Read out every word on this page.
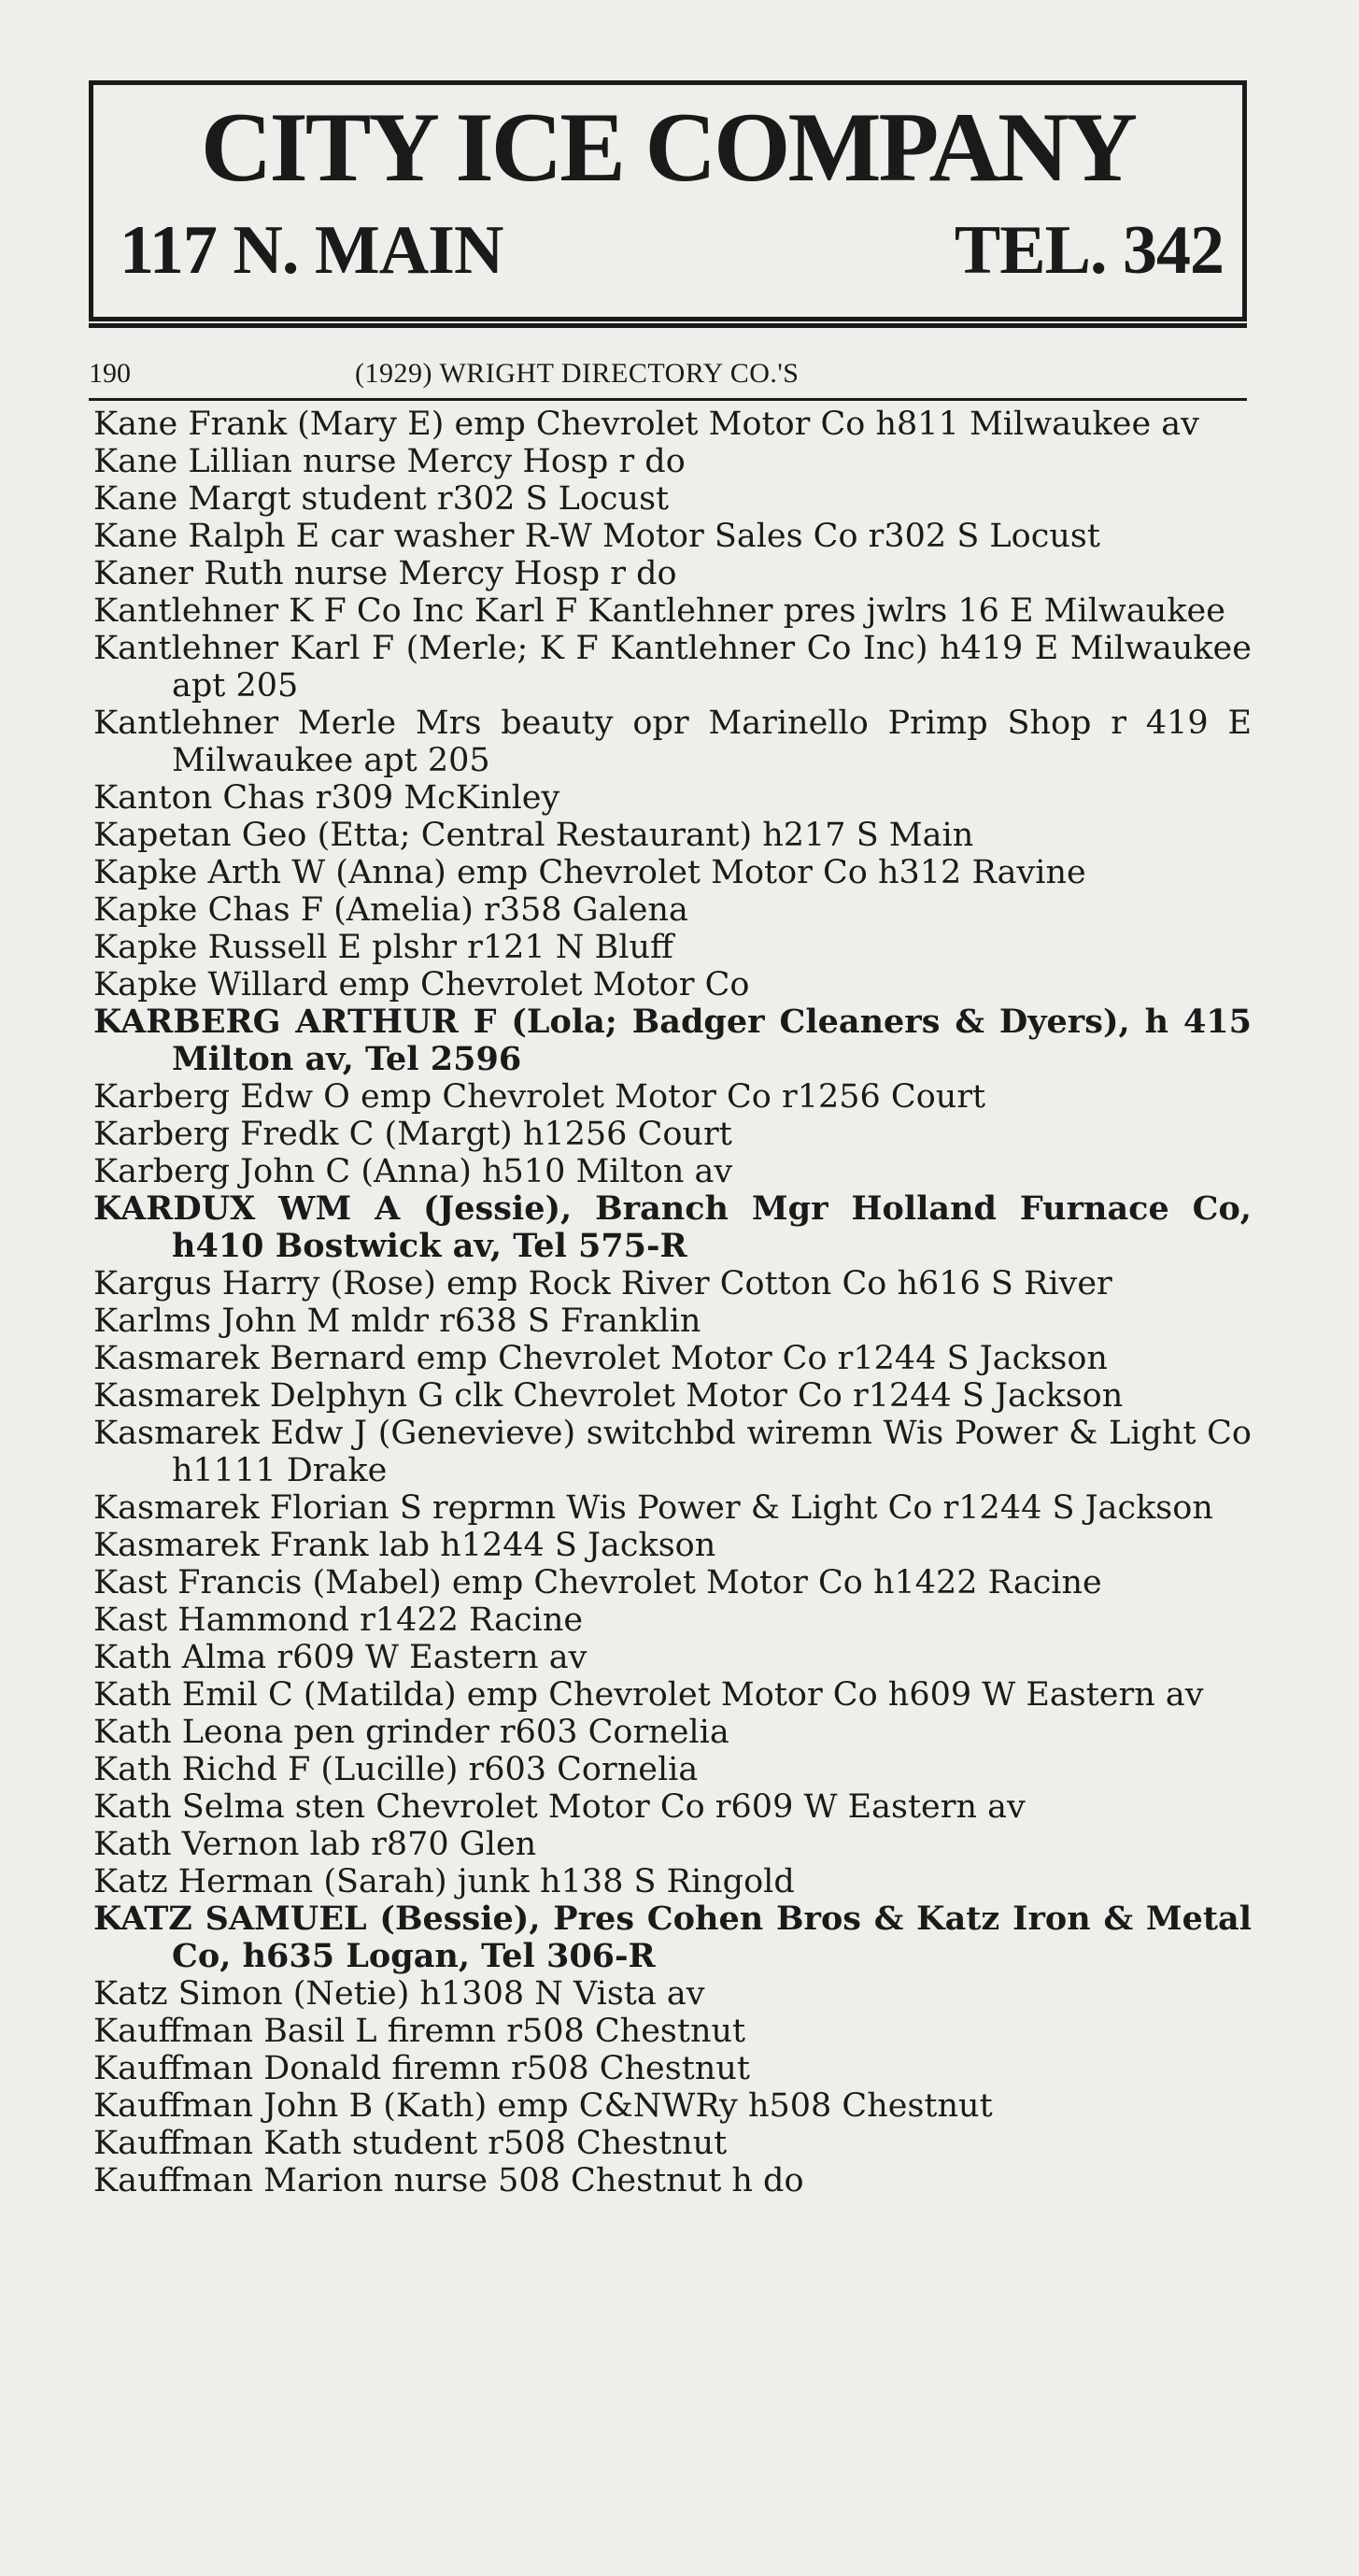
CITY ICE COMPANY
117 N. MAIN	TEL. 342
190	(1929) WRIGHT DIRECTORY CO.'S
Kane Frank (Mary E) emp Chevrolet Motor Co h811 Milwaukee av
Kane Lillian nurse Mercy Hosp r do
Kane Margt student r302 S Locust
Kane Ralph E car washer R-W Motor Sales Co r302 S Locust
Kaner Ruth nurse Mercy Hosp r do
Kantlehner K F Co Inc Karl F Kantlehner pres jwlrs 16 E Milwaukee
Kantlehner Karl F (Merle; K F Kantlehner Co Inc) h419 E Milwaukee apt 205
Kantlehner Merle Mrs beauty opr Marinello Primp Shop r 419 E Milwaukee apt 205
Kanton Chas r309 McKinley
Kapetan Geo (Etta; Central Restaurant) h217 S Main
Kapke Arth W (Anna) emp Chevrolet Motor Co h312 Ravine
Kapke Chas F (Amelia) r358 Galena
Kapke Russell E plshr r121 N Bluff
Kapke Willard emp Chevrolet Motor Co
KARBERG ARTHUR F (Lola; Badger Cleaners & Dyers), h 415 Milton av, Tel 2596
Karberg Edw O emp Chevrolet Motor Co r1256 Court
Karberg Fredk C (Margt) h1256 Court
Karberg John C (Anna) h510 Milton av
KARDUX WM A (Jessie), Branch Mgr Holland Furnace Co, h410 Bostwick av, Tel 575-R
Kargus Harry (Rose) emp Rock River Cotton Co h616 S River
Karlms John M mldr r638 S Franklin
Kasmarek Bernard emp Chevrolet Motor Co r1244 S Jackson
Kasmarek Delphyn G clk Chevrolet Motor Co r1244 S Jackson
Kasmarek Edw J (Genevieve) switchbd wiremn Wis Power & Light Co h1111 Drake
Kasmarek Florian S reprmn Wis Power & Light Co r1244 S Jackson
Kasmarek Frank lab h1244 S Jackson
Kast Francis (Mabel) emp Chevrolet Motor Co h1422 Racine
Kast Hammond r1422 Racine
Kath Alma r609 W Eastern av
Kath Emil C (Matilda) emp Chevrolet Motor Co h609 W Eastern av
Kath Leona pen grinder r603 Cornelia
Kath Richd F (Lucille) r603 Cornelia
Kath Selma sten Chevrolet Motor Co r609 W Eastern av
Kath Vernon lab r870 Glen
Katz Herman (Sarah) junk h138 S Ringold
KATZ SAMUEL (Bessie), Pres Cohen Bros & Katz Iron & Metal Co, h635 Logan, Tel 306-R
Katz Simon (Netie) h1308 N Vista av
Kauffman Basil L firemn r508 Chestnut
Kauffman Donald firemn r508 Chestnut
Kauffman John B (Kath) emp C&NWRy h508 Chestnut
Kauffman Kath student r508 Chestnut
Kauffman Marion nurse 508 Chestnut h do
